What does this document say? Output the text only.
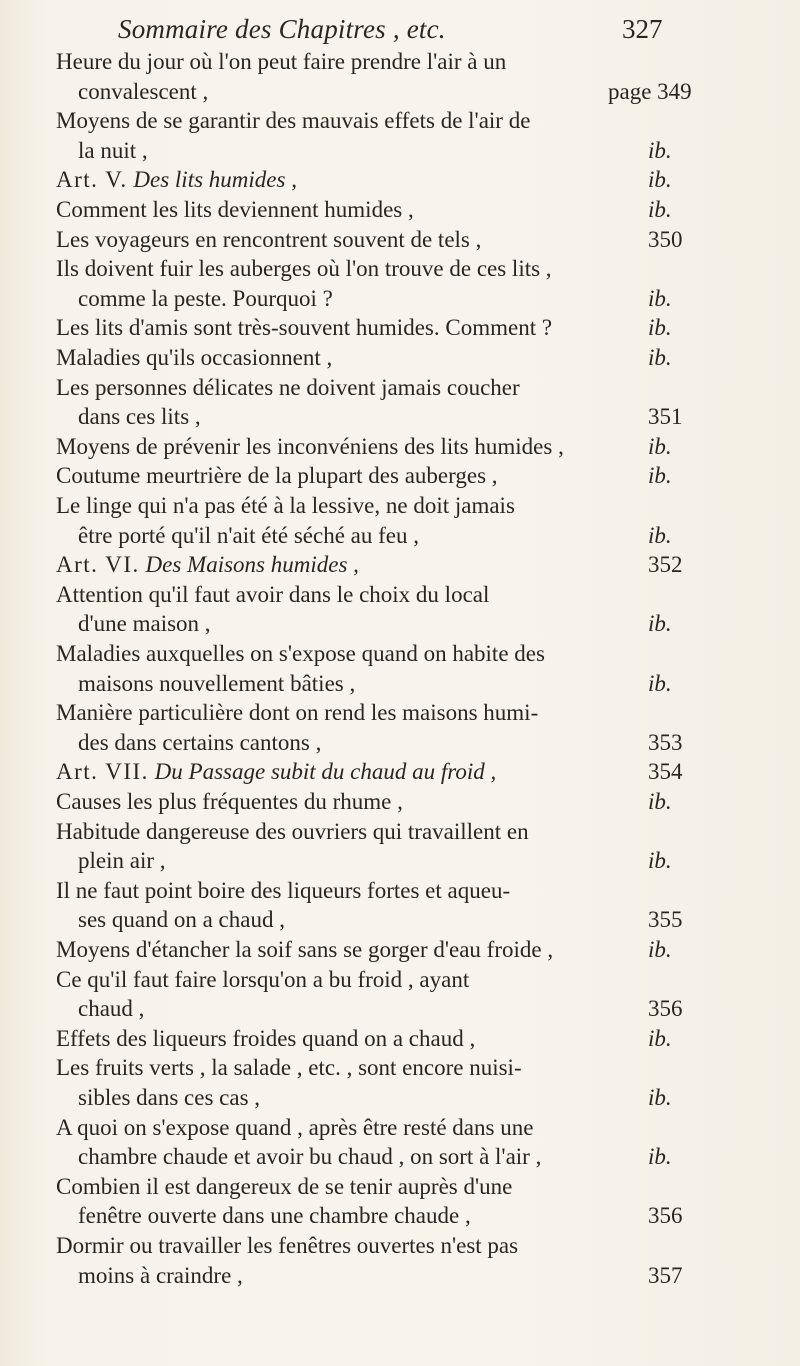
Sommaire des Chapitres , etc.	327
Heure du jour où l'on peut faire prendre l'air à un
convalescent ,	page 349
Moyens de se garantir des mauvais effets de l'air de
la nuit ,	ib.
Art. V. Des lits humides ,	ib.
Comment les lits deviennent humides ,	ib.
Les voyageurs en rencontrent souvent de tels ,	350
Ils doivent fuir les auberges où l'on trouve de ces lits ,
comme la peste. Pourquoi ?	ib.
Les lits d'amis sont très-souvent humides. Comment ?	ib.
Maladies qu'ils occasionnent ,	ib.
Les personnes délicates ne doivent jamais coucher
dans ces lits ,	351
Moyens de prévenir les inconvéniens des lits humides ,	ib.
Coutume meurtrière de la plupart des auberges ,	ib.
Le linge qui n'a pas été à la lessive, ne doit jamais
être porté qu'il n'ait été séché au feu ,	ib.
Art. VI. Des Maisons humides ,	352
Attention qu'il faut avoir dans le choix du local
d'une maison ,	ib.
Maladies auxquelles on s'expose quand on habite des
maisons nouvellement bâties ,	ib.
Manière particulière dont on rend les maisons humi-
des dans certains cantons ,	353
Art. VII. Du Passage subit du chaud au froid ,	354
Causes les plus fréquentes du rhume ,	ib.
Habitude dangereuse des ouvriers qui travaillent en
plein air ,	ib.
Il ne faut point boire des liqueurs fortes et aqueu-
ses quand on a chaud ,	355
Moyens d'étancher la soif sans se gorger d'eau froide ,	ib.
Ce qu'il faut faire lorsqu'on a bu froid , ayant
chaud ,	356
Effets des liqueurs froides quand on a chaud ,	ib.
Les fruits verts , la salade , etc. , sont encore nuisi-
sibles dans ces cas ,	ib.
A quoi on s'expose quand , après être resté dans une
chambre chaude et avoir bu chaud , on sort à l'air ,	ib.
Combien il est dangereux de se tenir auprès d'une
fenêtre ouverte dans une chambre chaude ,	356
Dormir ou travailler les fenêtres ouvertes n'est pas
moins à craindre ,	357
